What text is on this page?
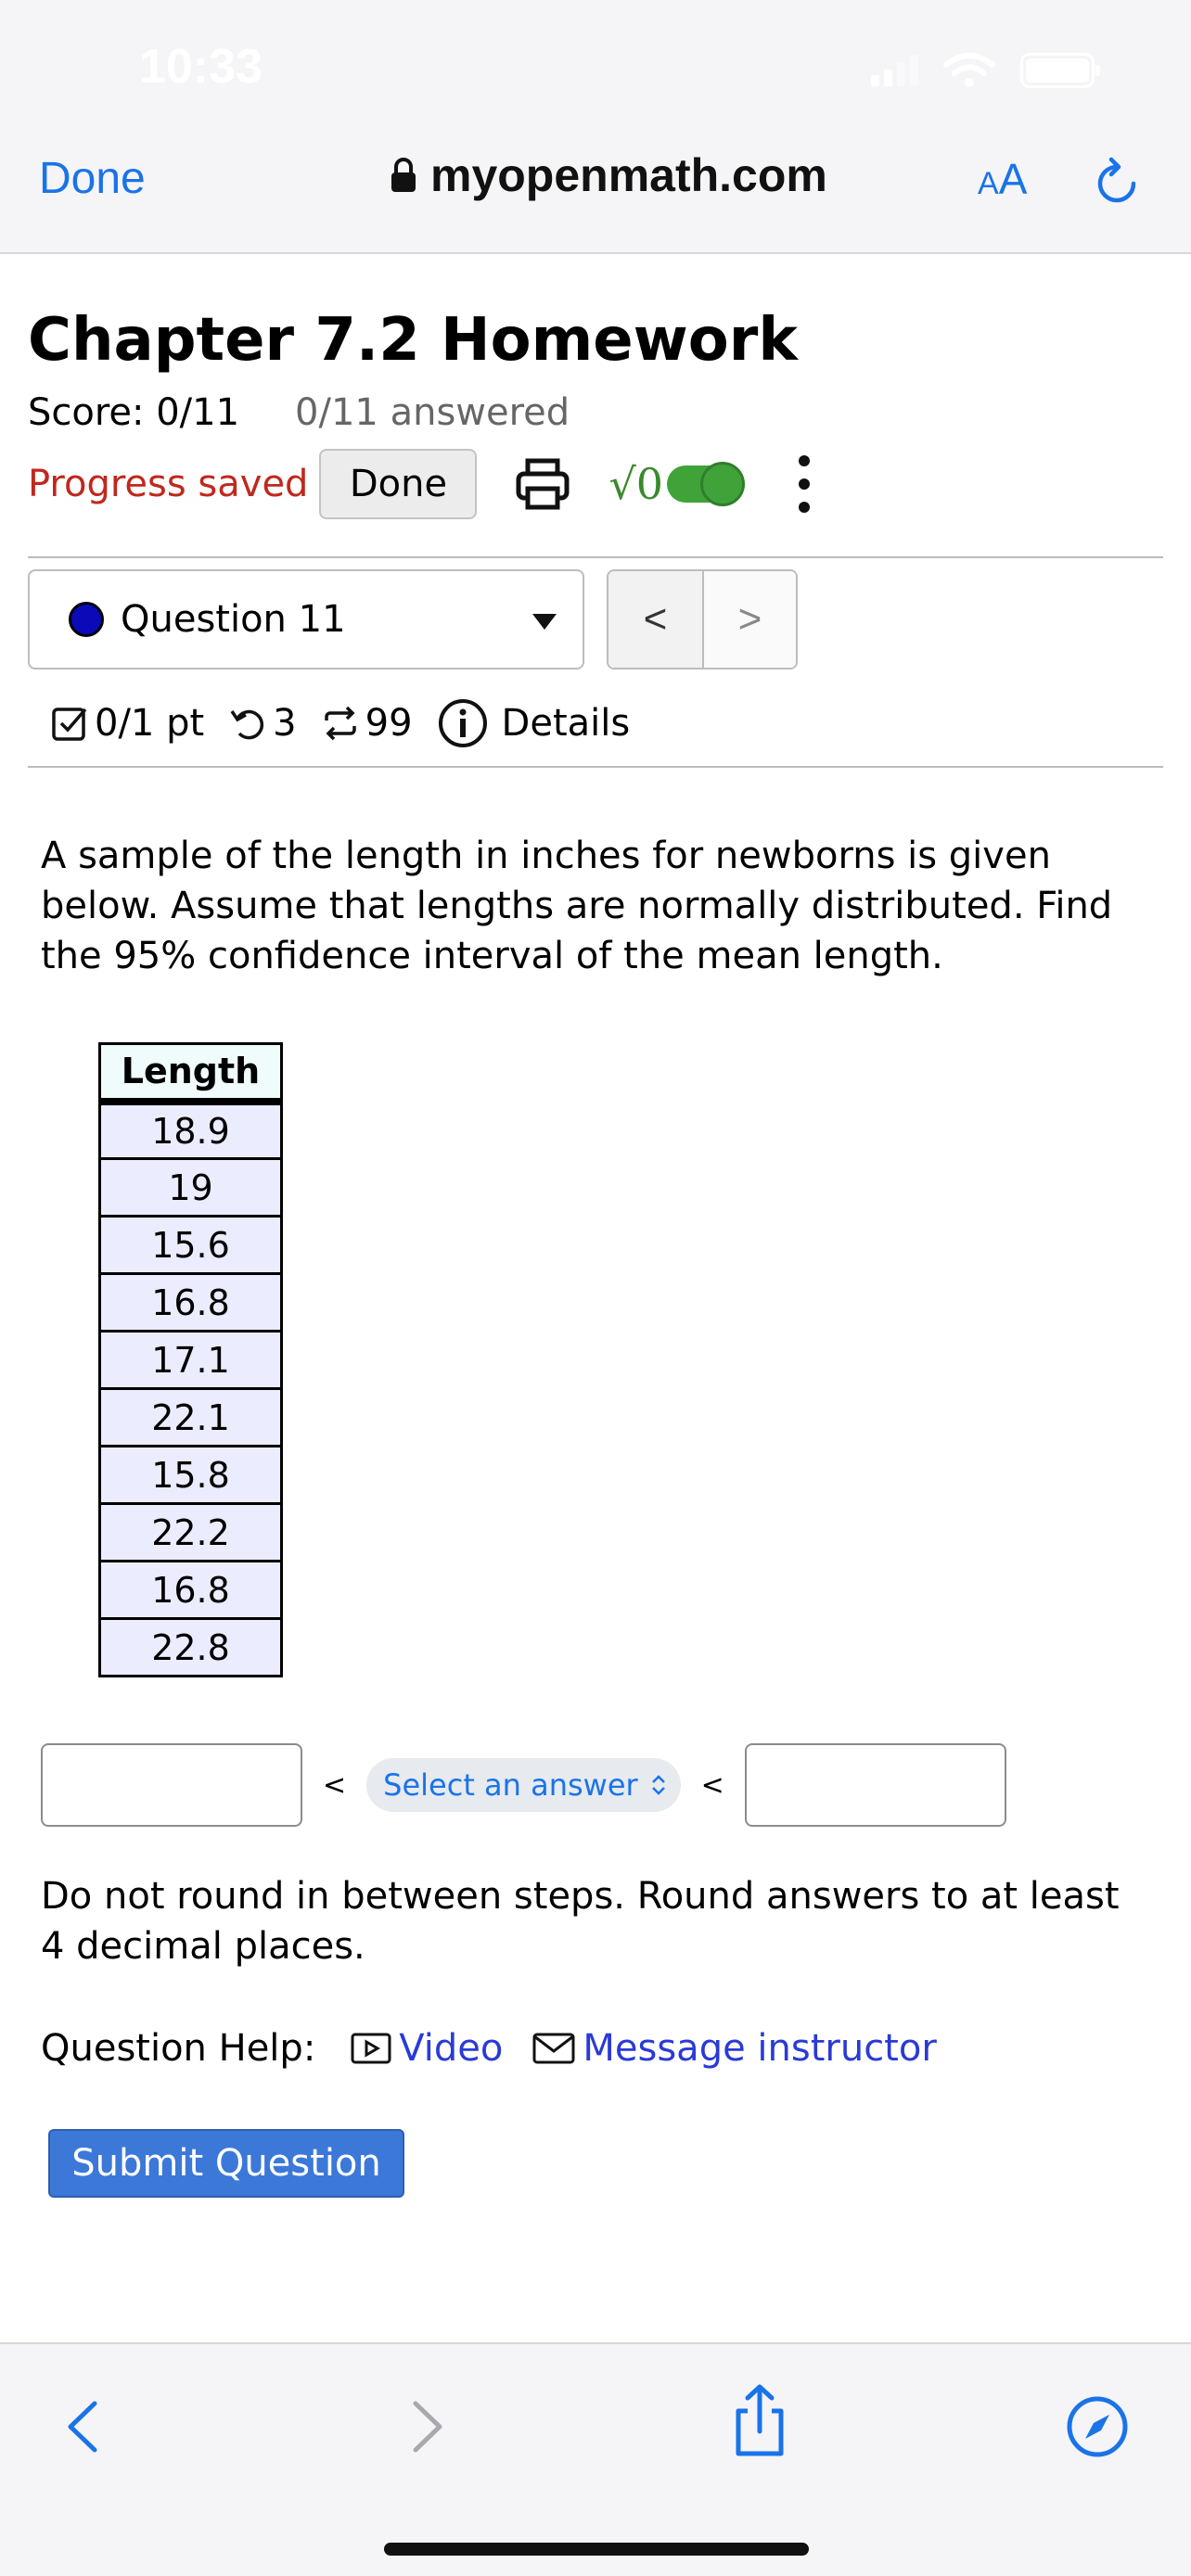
10:33
Done	myopenmath.com	AA
Chapter 7.2 Homework
Score: 0/11 0/11 answered
Progress saved	Done	√0
Question 11	<	>
0/1 pt 3 99 Details

A sample of the length in inches for newborns is given below. Assume that lengths are normally distributed. Find the 95% confidence interval of the mean length.

Length
18.9
19
15.6
16.8
17.1
22.1
15.8
22.2
16.8
22.8
< Select an answer <

Do not round in between steps. Round answers to at least 4 decimal places.

Question Help: Video Message instructor
Submit Question
